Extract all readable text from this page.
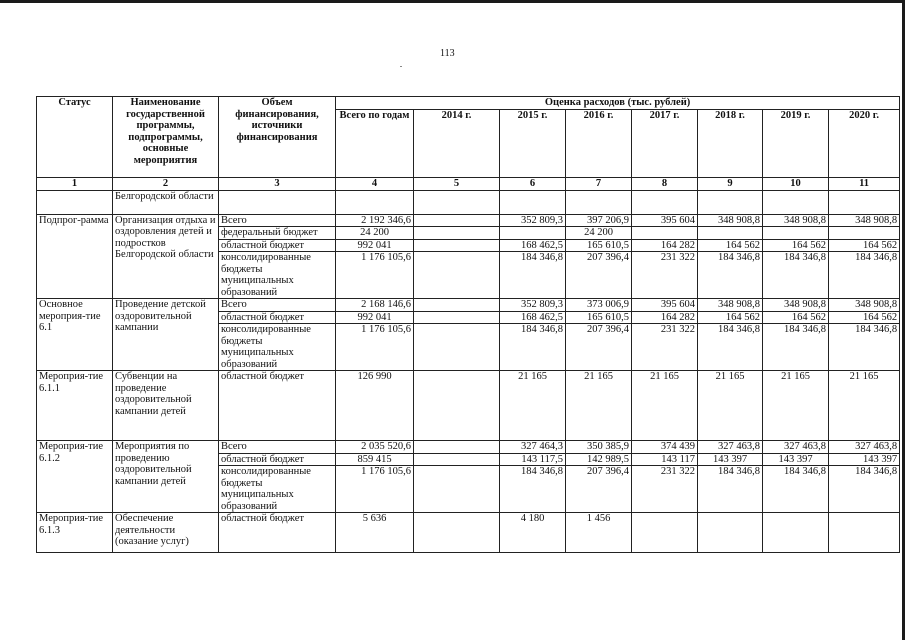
113
Статус	Наименование государственной программы, подпрограммы, основные мероприятия	Объем финансирования, источники финансирования	Оценка расходов (тыс. рублей)							
			Всего по годам	2014 г.	2015 г.	2016 г.	2017 г.	2018 г.	2019 г.	2020 г.
1	2	3	4	5	6	7	8	9	10	11
	Белгородской области									
Подпрог-рамма	Организация отдыха и оздоровления детей и подростков Белгородской области	Всего	2 192 346,6		352 809,3	397 206,9	395 604	348 908,8	348 908,8	348 908,8
		федеральный бюджет	24 200			24 200				
		областной бюджет	992 041		168 462,5	165 610,5	164 282	164 562	164 562	164 562
		консолидированные бюджеты муниципальных образований	1 176 105,6		184 346,8	207 396,4	231 322	184 346,8	184 346,8	184 346,8
Основное мероприя-тие 6.1	Проведение детской оздоровительной кампании	Всего	2 168 146,6		352 809,3	373 006,9	395 604	348 908,8	348 908,8	348 908,8
		областной бюджет	992 041		168 462,5	165 610,5	164 282	164 562	164 562	164 562
		консолидированные бюджеты муниципальных образований	1 176 105,6		184 346,8	207 396,4	231 322	184 346,8	184 346,8	184 346,8
Мероприя-тие 6.1.1	Субвенции на проведение оздоровительной кампании детей	областной бюджет	126 990		21 165	21 165	21 165	21 165	21 165	21 165
Мероприя-тие 6.1.2	Мероприятия по проведению оздоровительной кампании детей	Всего	2 035 520,6		327 464,3	350 385,9	374 439	327 463,8	327 463,8	327 463,8
		областной бюджет	859 415		143 117,5	142 989,5	143 117	143 397	143 397	143 397
		консолидированные бюджеты муниципальных образований	1 176 105,6		184 346,8	207 396,4	231 322	184 346,8	184 346,8	184 346,8
Мероприя-тие 6.1.3	Обеспечение деятельности (оказание услуг)	областной бюджет	5 636		4 180	1 456				
